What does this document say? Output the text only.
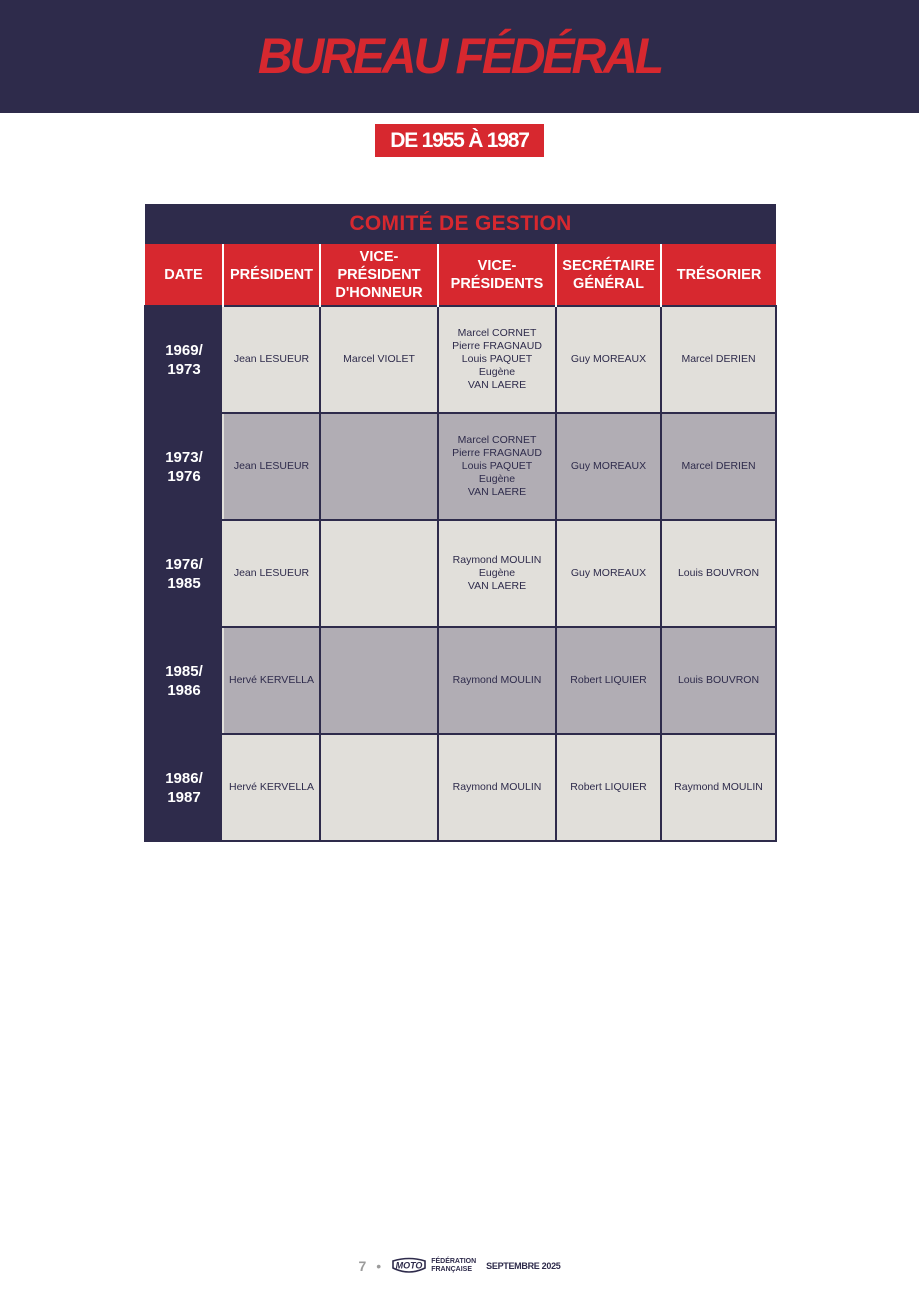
BUREAU FÉDÉRAL
DE 1955 À 1987
COMITÉ DE GESTION					
DATE	PRÉSIDENT	VICE-PRÉSIDENT D'HONNEUR	VICE-PRÉSIDENTS	SECRÉTAIRE GÉNÉRAL	TRÉSORIER
1969/ 1973	Jean LESUEUR	Marcel VIOLET	Marcel CORNET
Pierre FRAGNAUD
Louis PAQUET
Eugène
VAN LAERE	Guy MOREAUX	Marcel DERIEN
1973/ 1976	Jean LESUEUR		Marcel CORNET
Pierre FRAGNAUD
Louis PAQUET
Eugène
VAN LAERE	Guy MOREAUX	Marcel DERIEN
1976/ 1985	Jean LESUEUR		Raymond MOULIN
Eugène
VAN LAERE	Guy MOREAUX	Louis BOUVRON
1985/ 1986	Hervé KERVELLA		Raymond MOULIN	Robert LIQUIER	Louis BOUVRON
1986/ 1987	Hervé KERVELLA		Raymond MOULIN	Robert LIQUIER	Raymond MOULIN
7 • MOTO FÉDÉRATION
FRANÇAISE	SEPTEMBRE 2025
